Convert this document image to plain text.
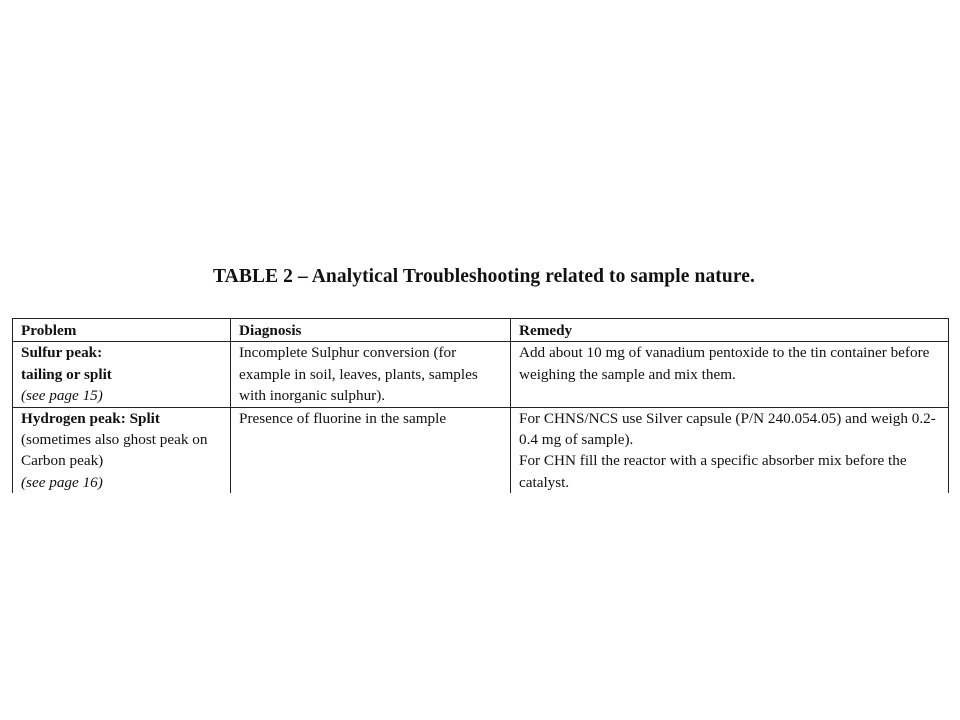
TABLE 2 – Analytical Troubleshooting related to sample nature.
Problem	Diagnosis	Remedy

Sulfur peak:
tailing or split
(see page 15)	Incomplete Sulphur conversion (for example in soil, leaves, plants, samples with inorganic sulphur).	Add about 10 mg of vanadium pentoxide to the tin container before weighing the sample and mix them.

Hydrogen peak: Split
(sometimes also ghost peak on Carbon peak)
(see page 16)	Presence of fluorine in the sample	For CHNS/NCS use Silver capsule (P/N 240.054.05) and weigh 0.2-0.4 mg of sample).
For CHN fill the reactor with a specific absorber mix before the catalyst.
